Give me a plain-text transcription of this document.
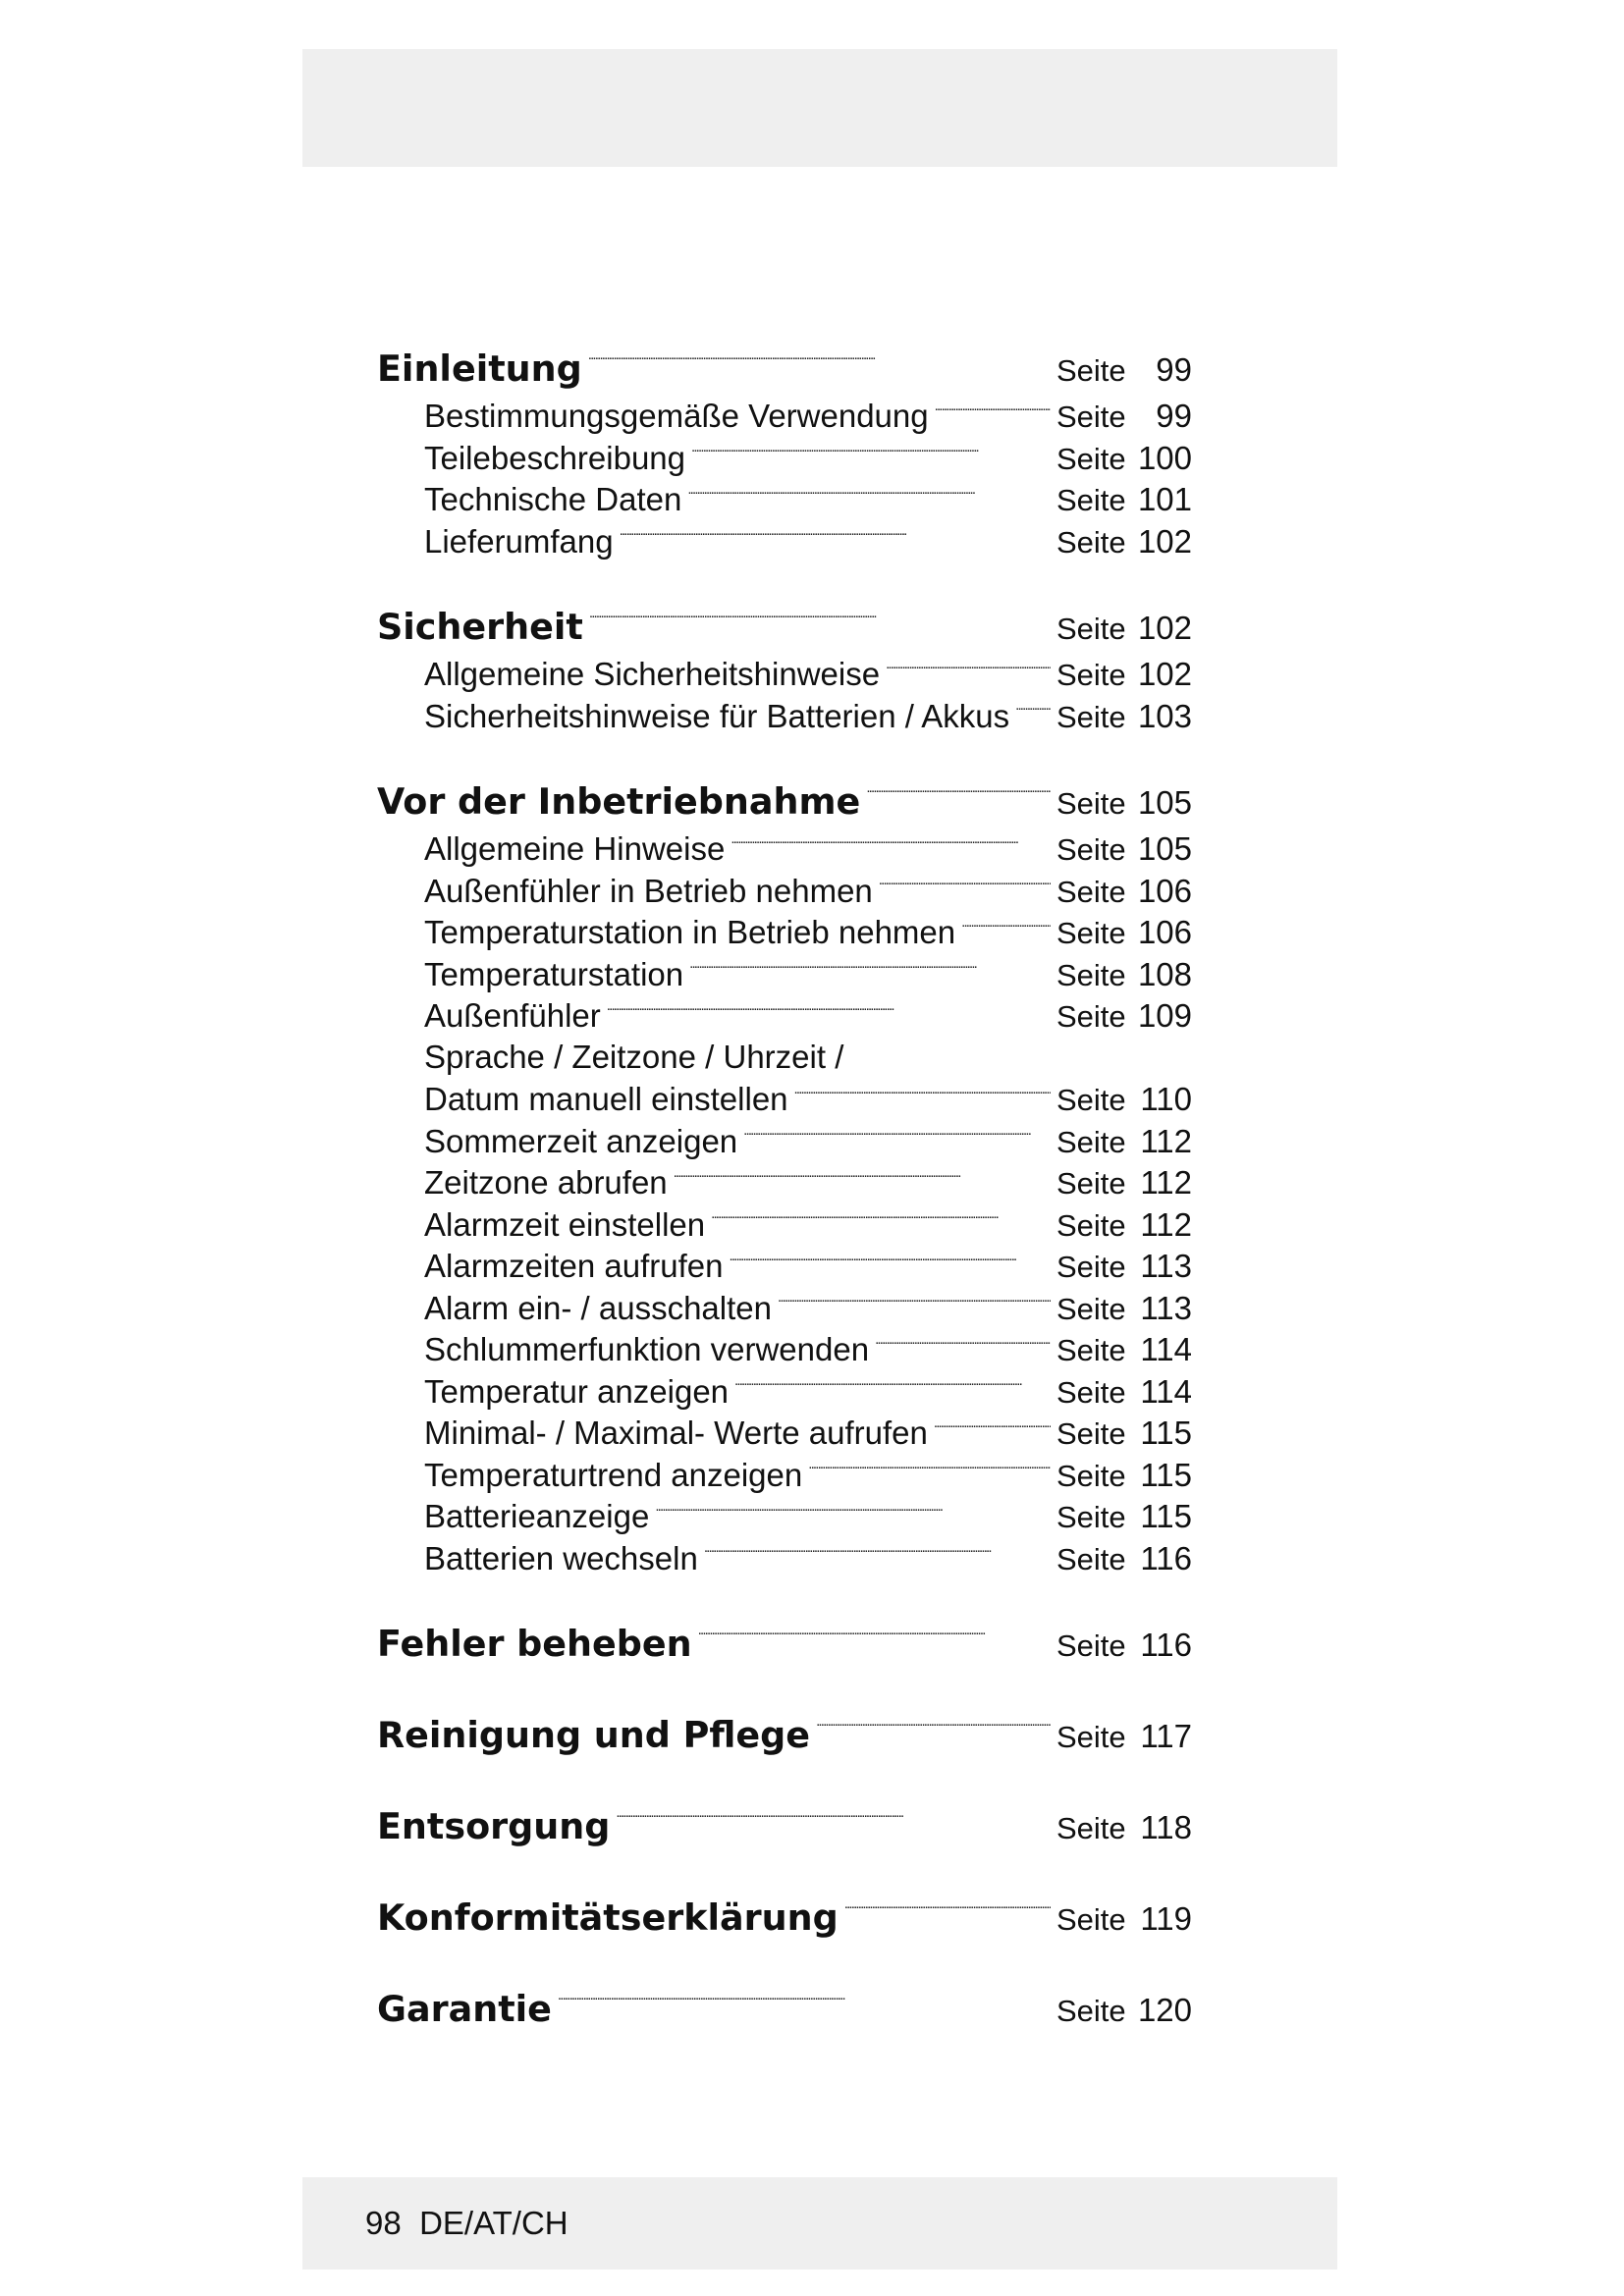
Einleitung . . .	Seite 99
Bestimmungsgemäße Verwendung . . .	Seite 99
Teilebeschreibung . . .	Seite 100
Technische Daten . . .	Seite 101
Lieferumfang . . .	Seite 102
Sicherheit . . .	Seite 102
Allgemeine Sicherheitshinweise . . .	Seite 102
Sicherheitshinweise für Batterien / Akkus . . . Seite 103
Vor der Inbetriebnahme . . .	Seite 105
Allgemeine Hinweise . . .	Seite 105
Außenfühler in Betrieb nehmen . . .	Seite 106
Temperaturstation in Betrieb nehmen . . .	Seite 106
Temperaturstation . . .	Seite 108
Außenfühler . . .	Seite 109
Sprache / Zeitzone / Uhrzeit /
Datum manuell einstellen . . .	Seite 110
Sommerzeit anzeigen . . .	Seite 112
Zeitzone abrufen . . .	Seite 112
Alarmzeit einstellen . . .	Seite 112
Alarmzeiten aufrufen . . .	Seite 113
Alarm ein- / ausschalten . . .	Seite 113
Schlummerfunktion verwenden . . .	Seite 114
Temperatur anzeigen . . .	Seite 114
Minimal- / Maximal- Werte aufrufen . . .	Seite 115
Temperaturtrend anzeigen . . .	Seite 115
Batterieanzeige . . .	Seite 115
Batterien wechseln . . .	Seite 116
Fehler beheben . . .	Seite 116
Reinigung und Pflege . . .	Seite 117
Entsorgung . . .	Seite 118
Konformitätserklärung . . .	Seite 119
Garantie . . .	Seite 120
98 DE/AT/CH
